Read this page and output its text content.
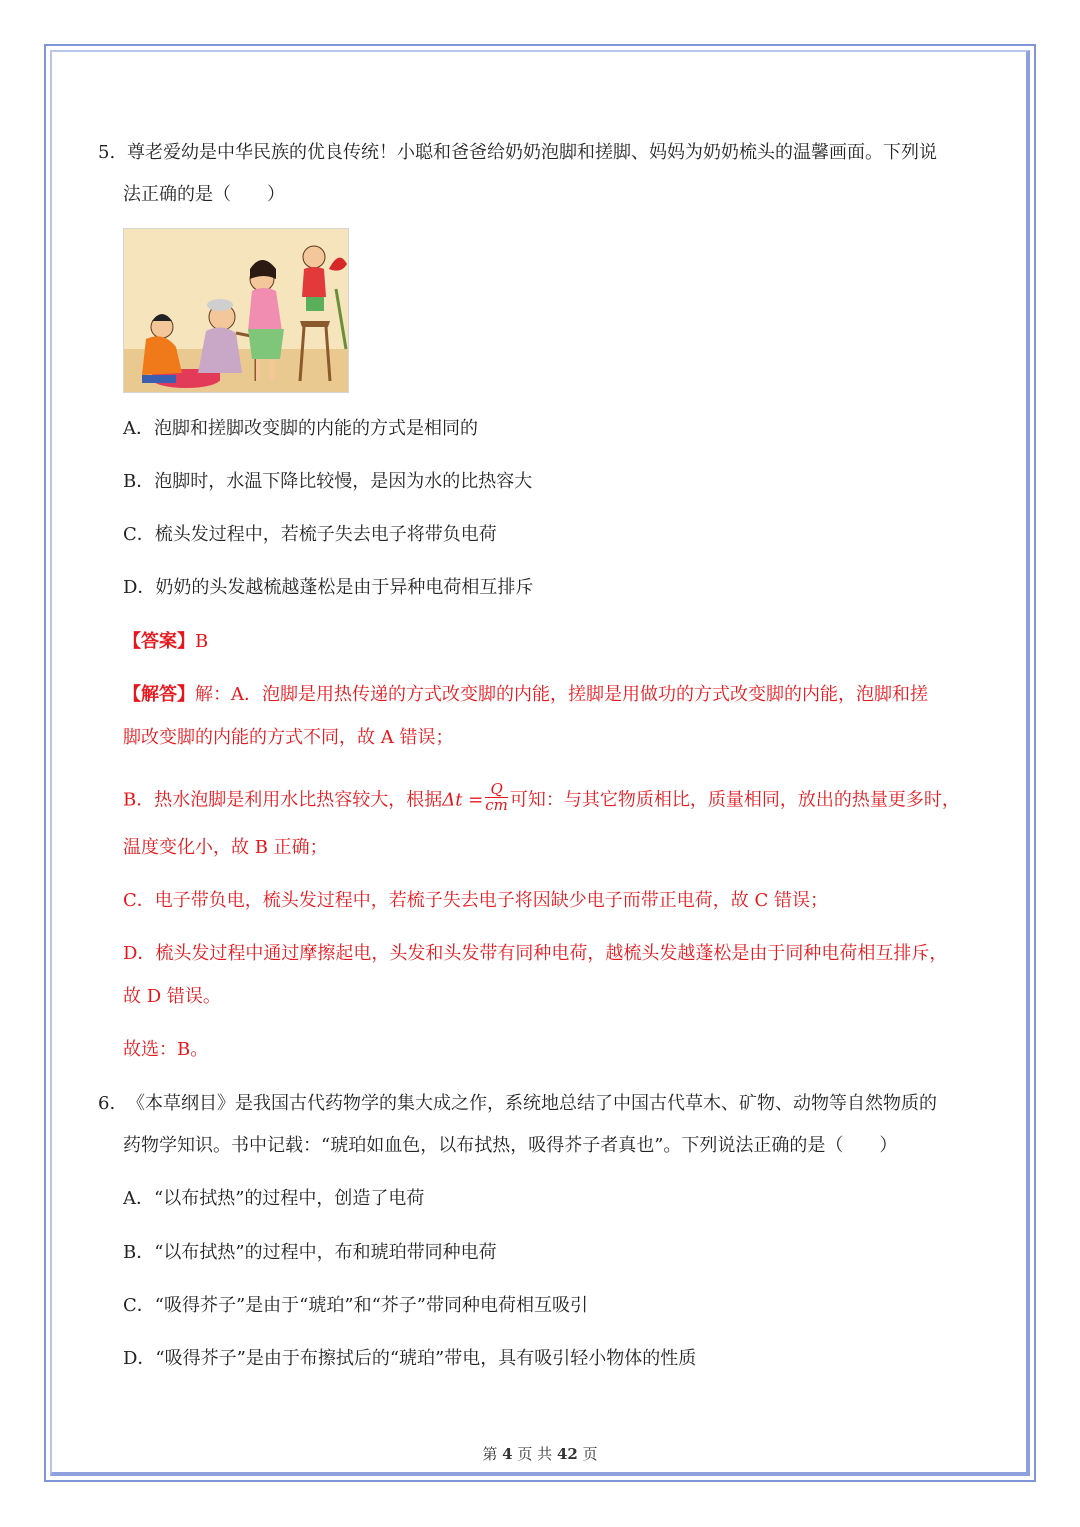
5. 尊老爱幼是中华民族的优良传统！小聪和爸爸给奶奶泡脚和搓脚、妈妈为奶奶梳头的温馨画面。下列说
法正确的是（　　）
A．泡脚和搓脚改变脚的内能的方式是相同的
B．泡脚时，水温下降比较慢，是因为水的比热容大
C．梳头发过程中，若梳子失去电子将带负电荷
D．奶奶的头发越梳越蓬松是由于异种电荷相互排斥
【答案】B
【解答】解：A．泡脚是用热传递的方式改变脚的内能，搓脚是用做功的方式改变脚的内能，泡脚和搓
脚改变脚的内能的方式不同，故 A 错误；
B．热水泡脚是利用水比热容较大，根据$\Delta t = \frac{Q}{cm}$ 可知：与其它物质相比，质量相同，放出的热量更多时，
温度变化小，故 B 正确；
C．电子带负电，梳头发过程中，若梳子失去电子将因缺少电子而带正电荷，故 C 错误；
D．梳头发过程中通过摩擦起电，头发和头发带有同种电荷，越梳头发越蓬松是由于同种电荷相互排斥，
故 D 错误。
故选：B。
6. 《本草纲目》是我国古代药物学的集大成之作，系统地总结了中国古代草木、矿物、动物等自然物质的
药物学知识。书中记载：“琥珀如血色，以布拭热，吸得芥子者真也”。下列说法正确的是（　　）
A．“以布拭热”的过程中，创造了电荷
B．“以布拭热”的过程中，布和琥珀带同种电荷
C．“吸得芥子”是由于“琥珀”和“芥子”带同种电荷相互吸引
D．“吸得芥子”是由于布擦拭后的“琥珀”带电，具有吸引轻小物体的性质
第 4 页 共 42 页
